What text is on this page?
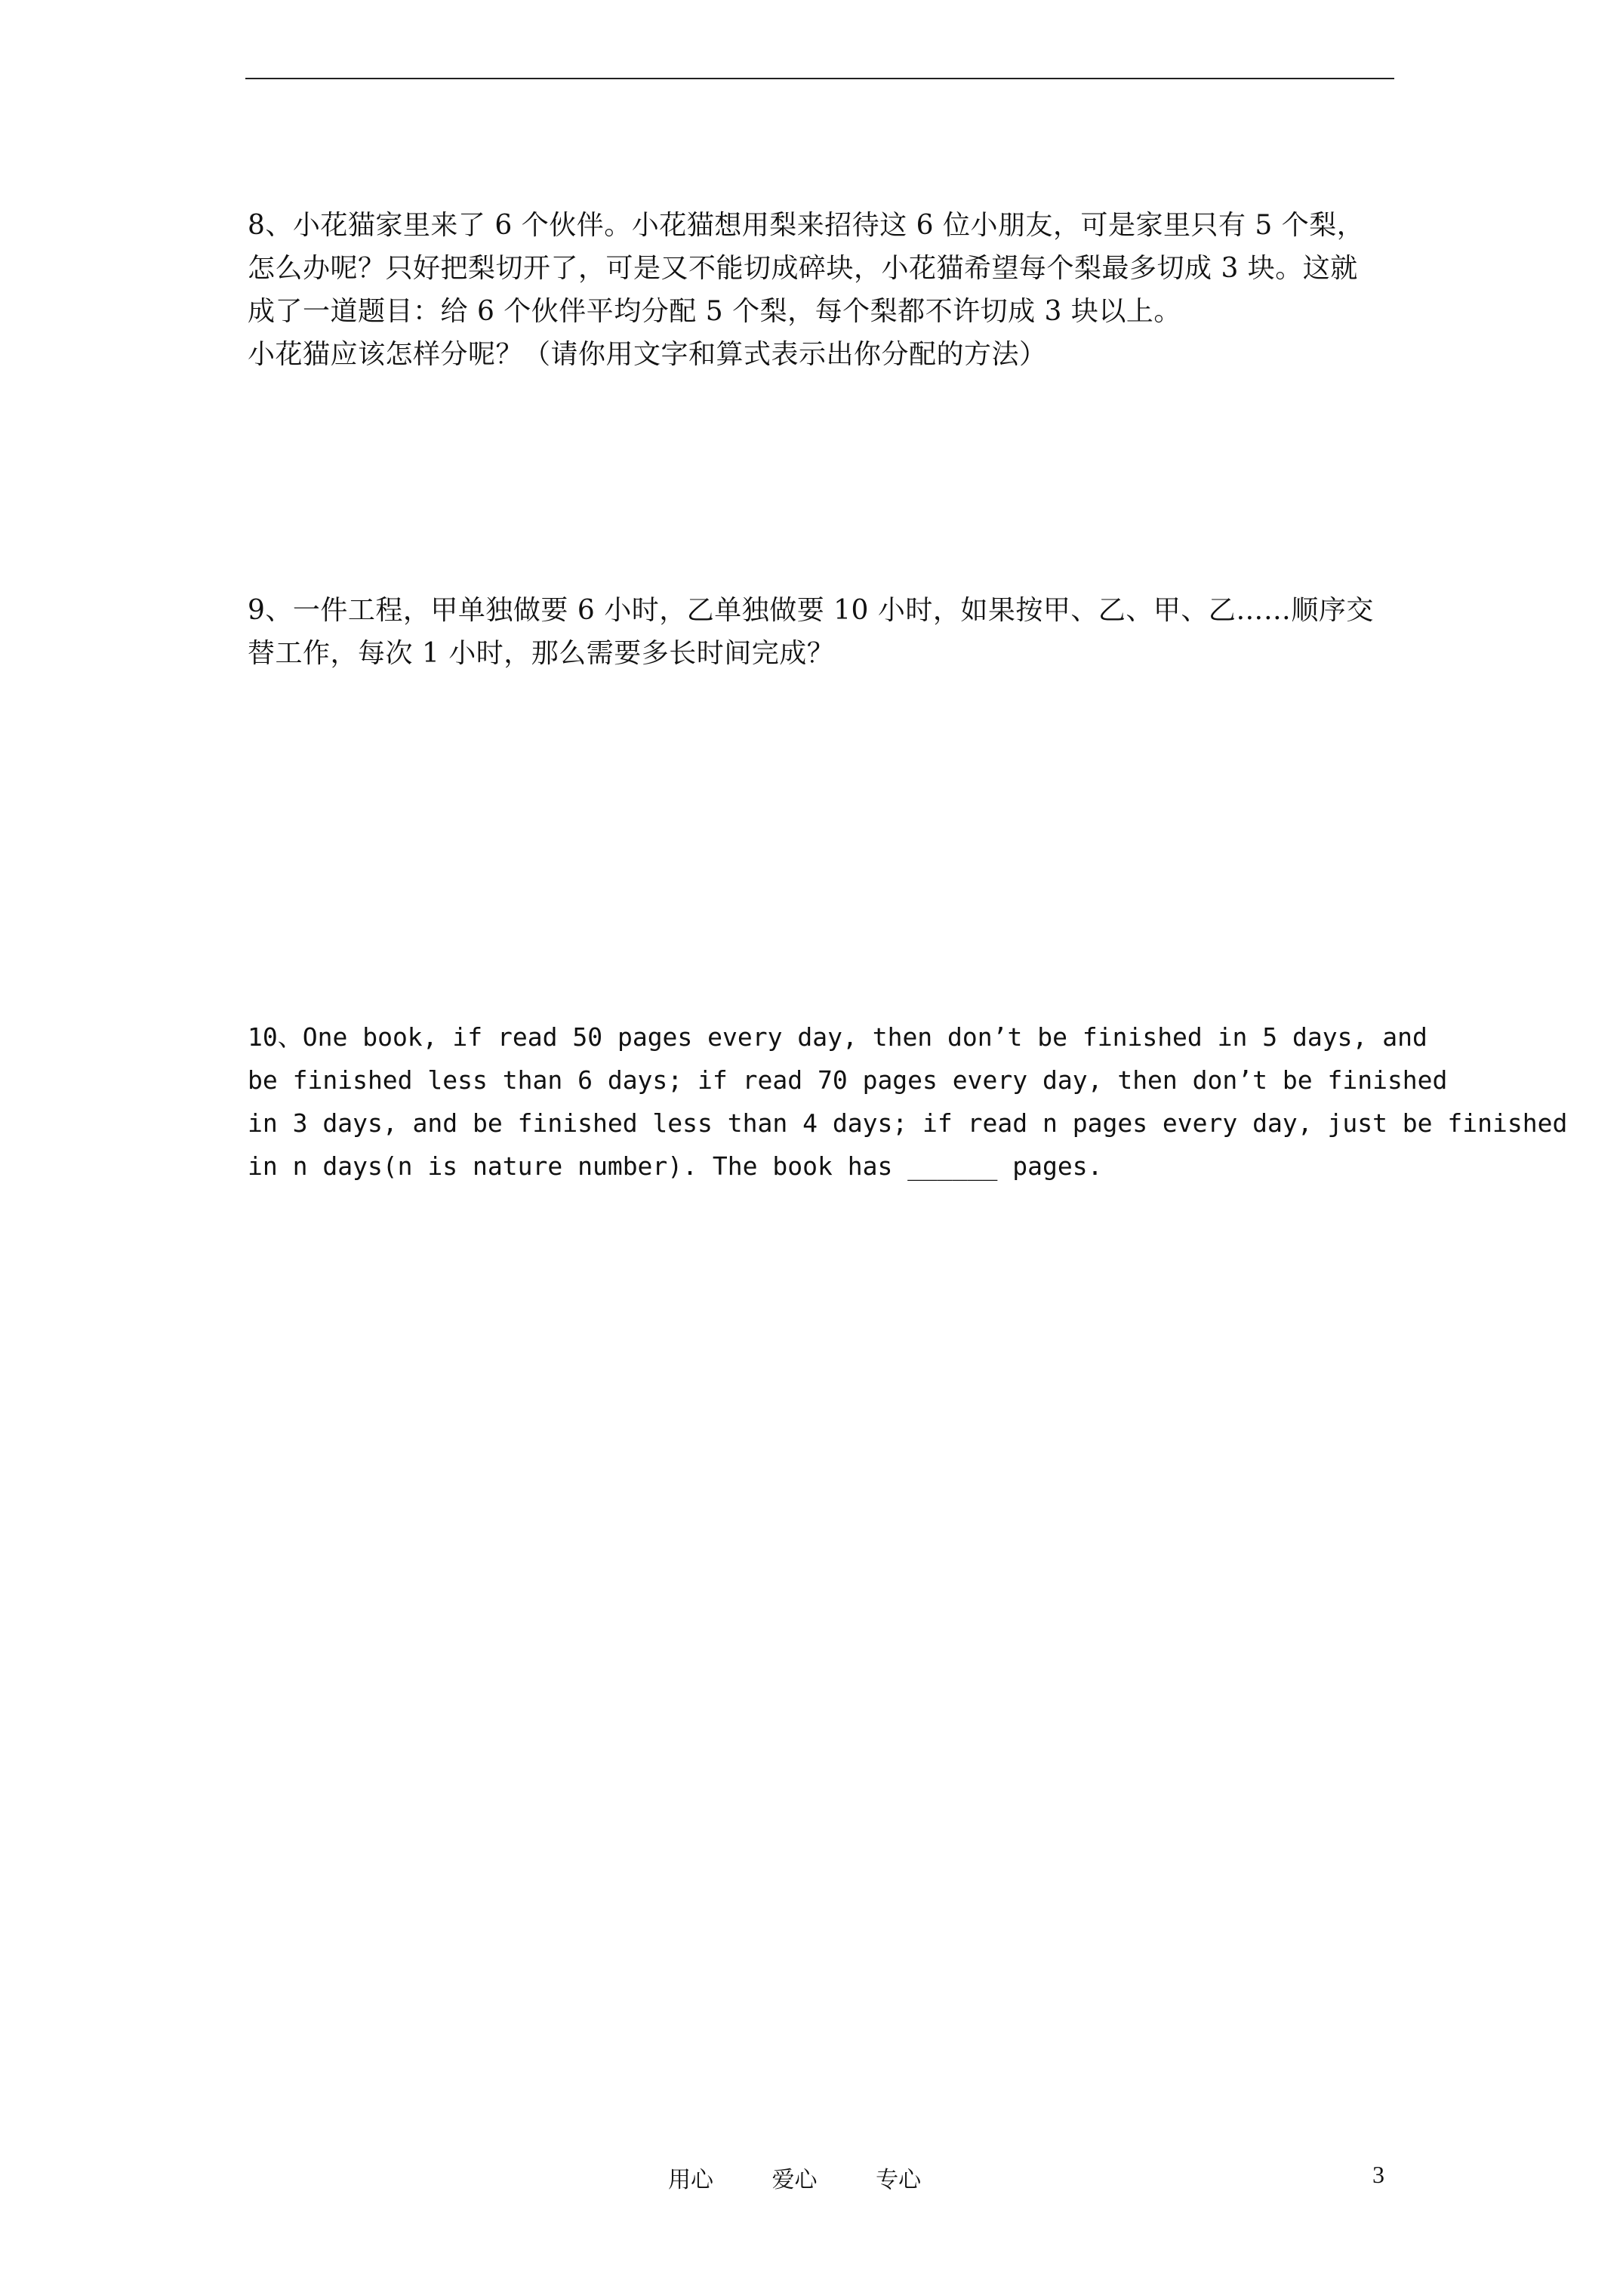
8、小花猫家里来了 6 个伙伴。小花猫想用梨来招待这 6 位小朋友，可是家里只有 5 个梨，
怎么办呢？只好把梨切开了，可是又不能切成碎块，小花猫希望每个梨最多切成 3 块。这就
成了一道题目：给 6 个伙伴平均分配 5 个梨，每个梨都不许切成 3 块以上。
小花猫应该怎样分呢？（请你用文字和算式表示出你分配的方法）
9、一件工程，甲单独做要 6 小时，乙单独做要 10 小时，如果按甲、乙、甲、乙……顺序交
替工作，每次 1 小时，那么需要多长时间完成？
10、One book, if read 50 pages every day, then don’t be finished in 5 days, and
be finished less than 6 days; if read 70 pages every day, then don’t be finished
in 3 days, and be finished less than 4 days; if read n pages every day, just be finished
in n days(n is nature number). The book has ______ pages.
用心	爱心	专心	3
